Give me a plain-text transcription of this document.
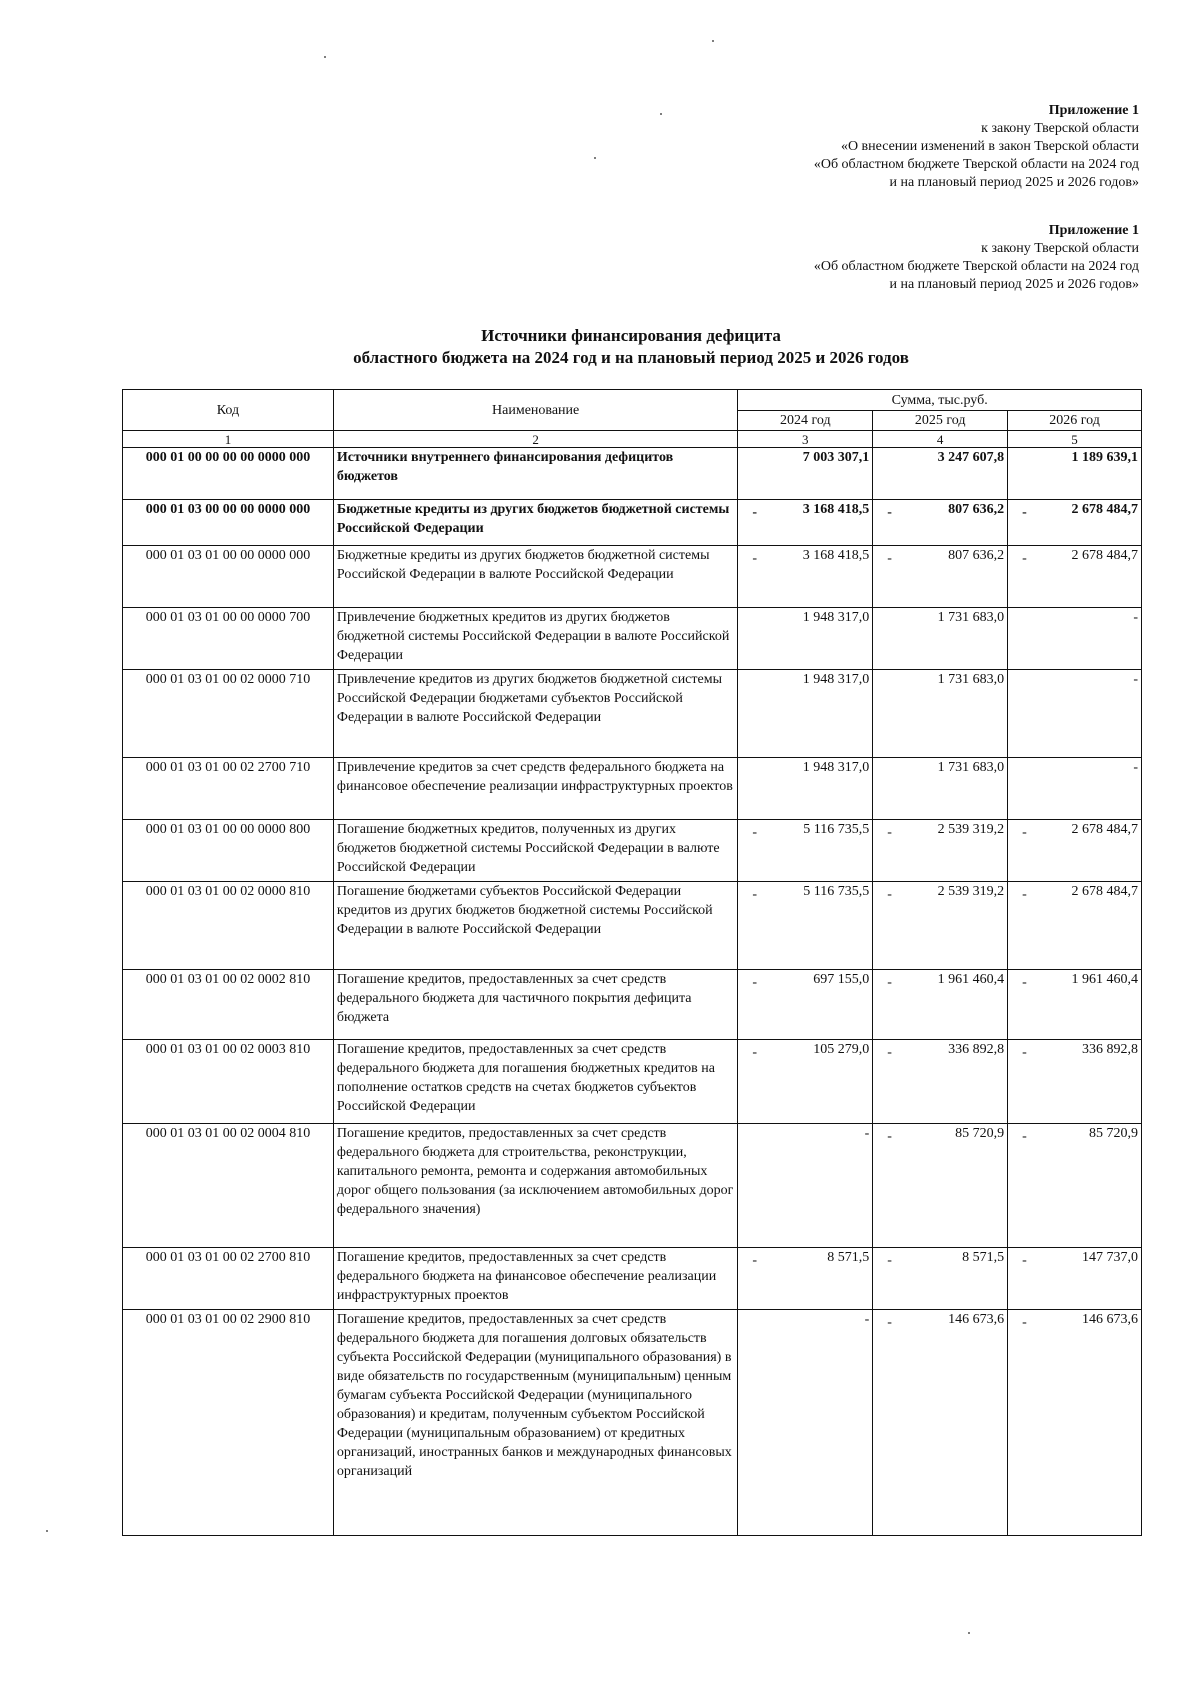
Приложение 1
к закону Тверской области
«О внесении изменений в закон Тверской области
«Об областном бюджете Тверской области на 2024 год
и на плановый период 2025 и 2026 годов»
Приложение 1
к закону Тверской области
«Об областном бюджете Тверской области на 2024 год
и на плановый период 2025 и 2026 годов»
Источники финансирования дефицита
областного бюджета на 2024 год и на плановый период 2025 и 2026 годов
Код	Наименование	Сумма, тыс.руб.		
		2024 год	2025 год	2026 год
1	2	3	4	5
000 01 00 00 00 00 0000 000	Источники внутреннего финансирования дефицитов бюджетов	7 003 307,1	3 247 607,8	1 189 639,1
000 01 03 00 00 00 0000 000	Бюджетные кредиты из других бюджетов бюджетной системы Российской Федерации	- 3 168 418,5	- 807 636,2	- 2 678 484,7
000 01 03 01 00 00 0000 000	Бюджетные кредиты из других бюджетов бюджетной системы Российской Федерации в валюте Российской Федерации	- 3 168 418,5	- 807 636,2	- 2 678 484,7
000 01 03 01 00 00 0000 700	Привлечение бюджетных кредитов из других бюджетов бюджетной системы Российской Федерации в валюте Российской Федерации	1 948 317,0	1 731 683,0	-
000 01 03 01 00 02 0000 710	Привлечение кредитов из других бюджетов бюджетной системы Российской Федерации бюджетами субъектов Российской Федерации в валюте Российской Федерации	1 948 317,0	1 731 683,0	-
000 01 03 01 00 02 2700 710	Привлечение кредитов за счет средств федерального бюджета на финансовое обеспечение реализации инфраструктурных проектов	1 948 317,0	1 731 683,0	-
000 01 03 01 00 00 0000 800	Погашение бюджетных кредитов, полученных из других бюджетов бюджетной системы Российской Федерации в валюте Российской Федерации	- 5 116 735,5	- 2 539 319,2	- 2 678 484,7
000 01 03 01 00 02 0000 810	Погашение бюджетами субъектов Российской Федерации кредитов из других бюджетов бюджетной системы Российской Федерации в валюте Российской Федерации	- 5 116 735,5	- 2 539 319,2	- 2 678 484,7
000 01 03 01 00 02 0002 810	Погашение кредитов, предоставленных за счет средств федерального бюджета для частичного покрытия дефицита бюджета	- 697 155,0	- 1 961 460,4	- 1 961 460,4
000 01 03 01 00 02 0003 810	Погашение кредитов, предоставленных за счет средств федерального бюджета для погашения бюджетных кредитов на пополнение остатков средств на счетах бюджетов субъектов Российской Федерации	- 105 279,0	- 336 892,8	- 336 892,8
000 01 03 01 00 02 0004 810	Погашение кредитов, предоставленных за счет средств федерального бюджета для строительства, реконструкции, капитального ремонта, ремонта и содержания автомобильных дорог общего пользования (за исключением автомобильных дорог федерального значения)	-	- 85 720,9	- 85 720,9
000 01 03 01 00 02 2700 810	Погашение кредитов, предоставленных за счет средств федерального бюджета на финансовое обеспечение реализации инфраструктурных проектов	- 8 571,5	- 8 571,5	- 147 737,0
000 01 03 01 00 02 2900 810	Погашение кредитов, предоставленных за счет средств федерального бюджета для погашения долговых обязательств субъекта Российской Федерации (муниципального образования) в виде обязательств по государственным (муниципальным) ценным бумагам субъекта Российской Федерации (муниципального образования) и кредитам, полученным субъектом Российской Федерации (муниципальным образованием) от кредитных организаций, иностранных банков и международных финансовых организаций	-	- 146 673,6	- 146 673,6
